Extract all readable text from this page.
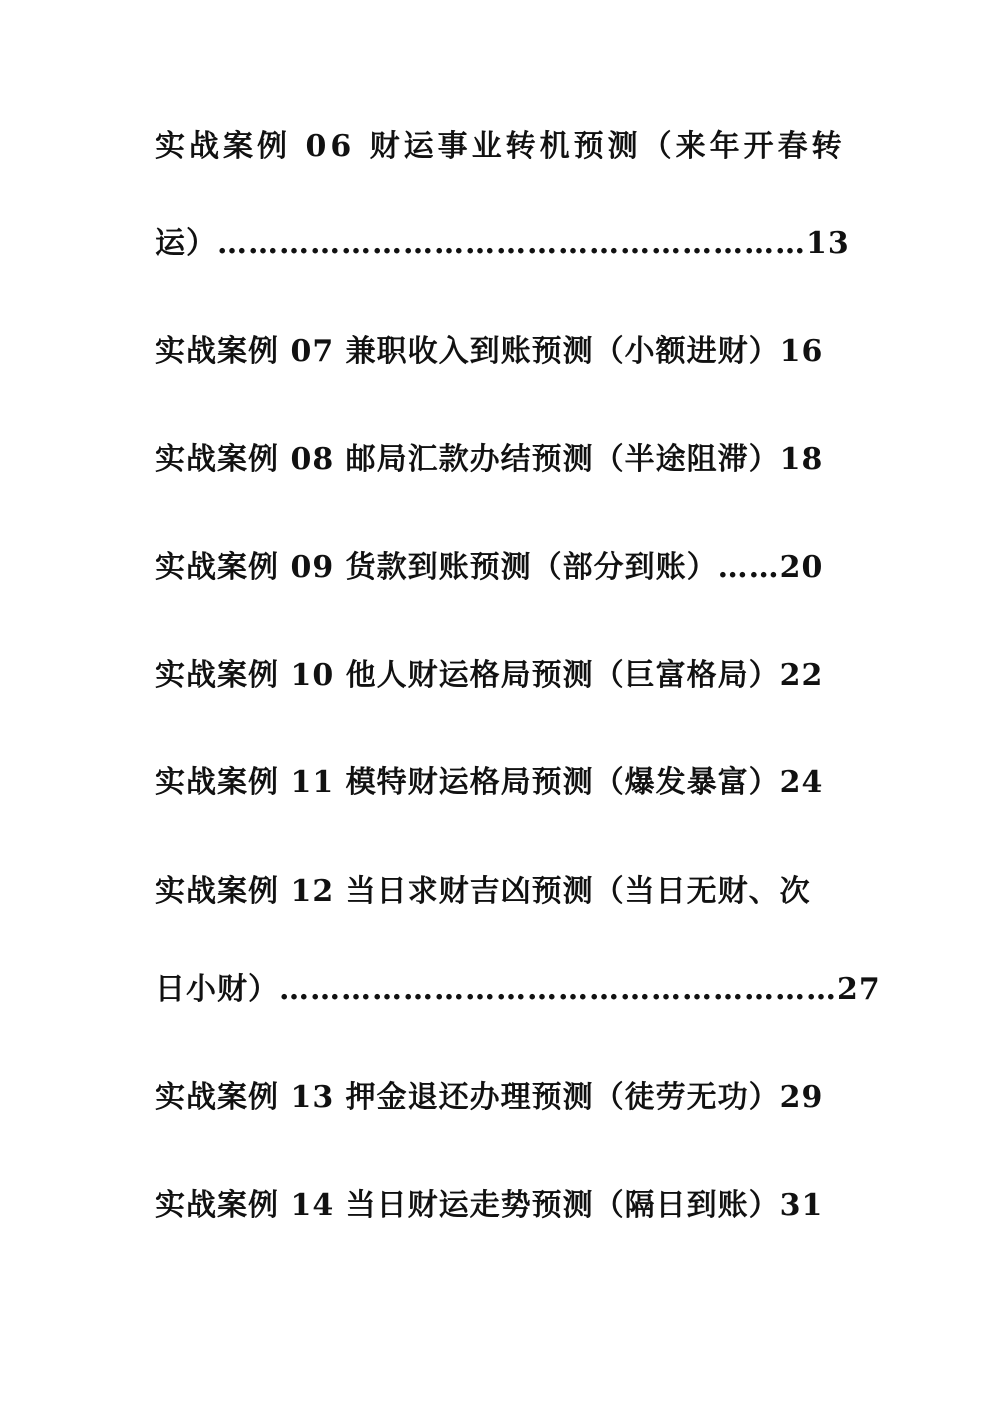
实战案例 06 财运事业转机预测（来年开春转
运）…………………………………………………13
实战案例 07 兼职收入到账预测（小额进财）16
实战案例 08 邮局汇款办结预测（半途阻滞）18
实战案例 09 货款到账预测（部分到账）……20
实战案例 10 他人财运格局预测（巨富格局）22
实战案例 11 模特财运格局预测（爆发暴富）24
实战案例 12 当日求财吉凶预测（当日无财、次
日小财）………………………………………………27
实战案例 13 押金退还办理预测（徒劳无功）29
实战案例 14 当日财运走势预测（隔日到账）31
